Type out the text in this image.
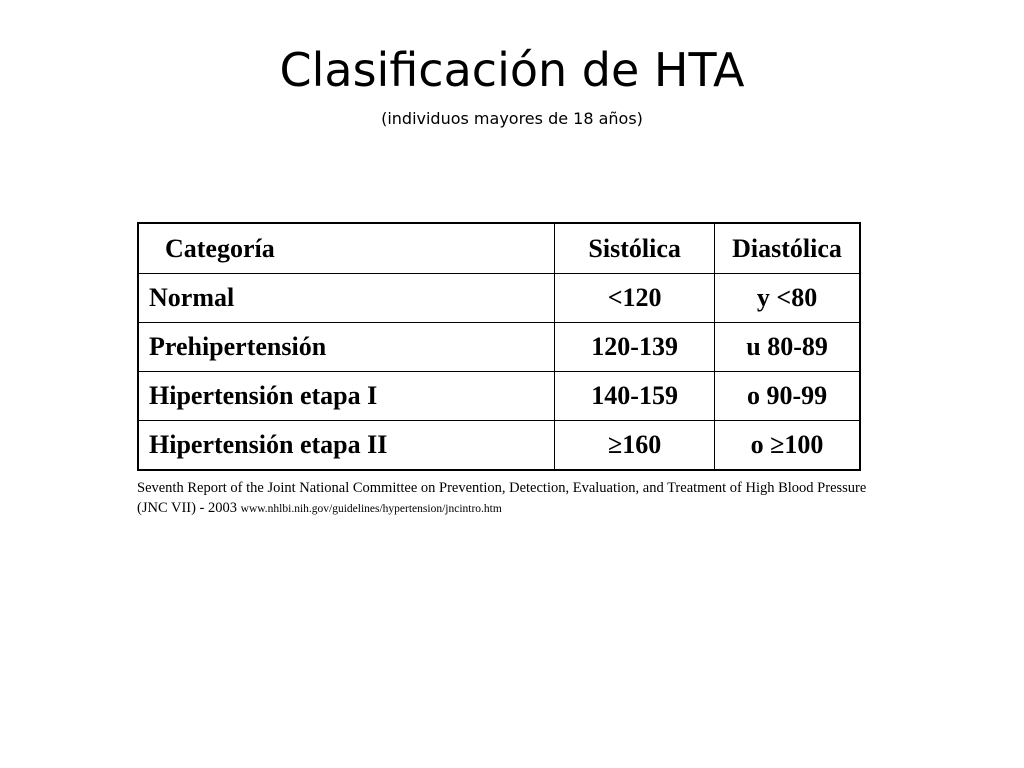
Clasificación de HTA
(individuos mayores de 18 años)
Categoría	Sistólica	Diastólica
Normal	<120	y <80
Prehipertensión	120-139	u 80-89
Hipertensión etapa I	140-159	o 90-99
Hipertensión etapa II	≥160	o ≥100
Seventh Report of the Joint National Committee on Prevention, Detection, Evaluation, and Treatment of High Blood Pressure (JNC VII) - 2003 www.nhlbi.nih.gov/guidelines/hypertension/jncintro.htm
